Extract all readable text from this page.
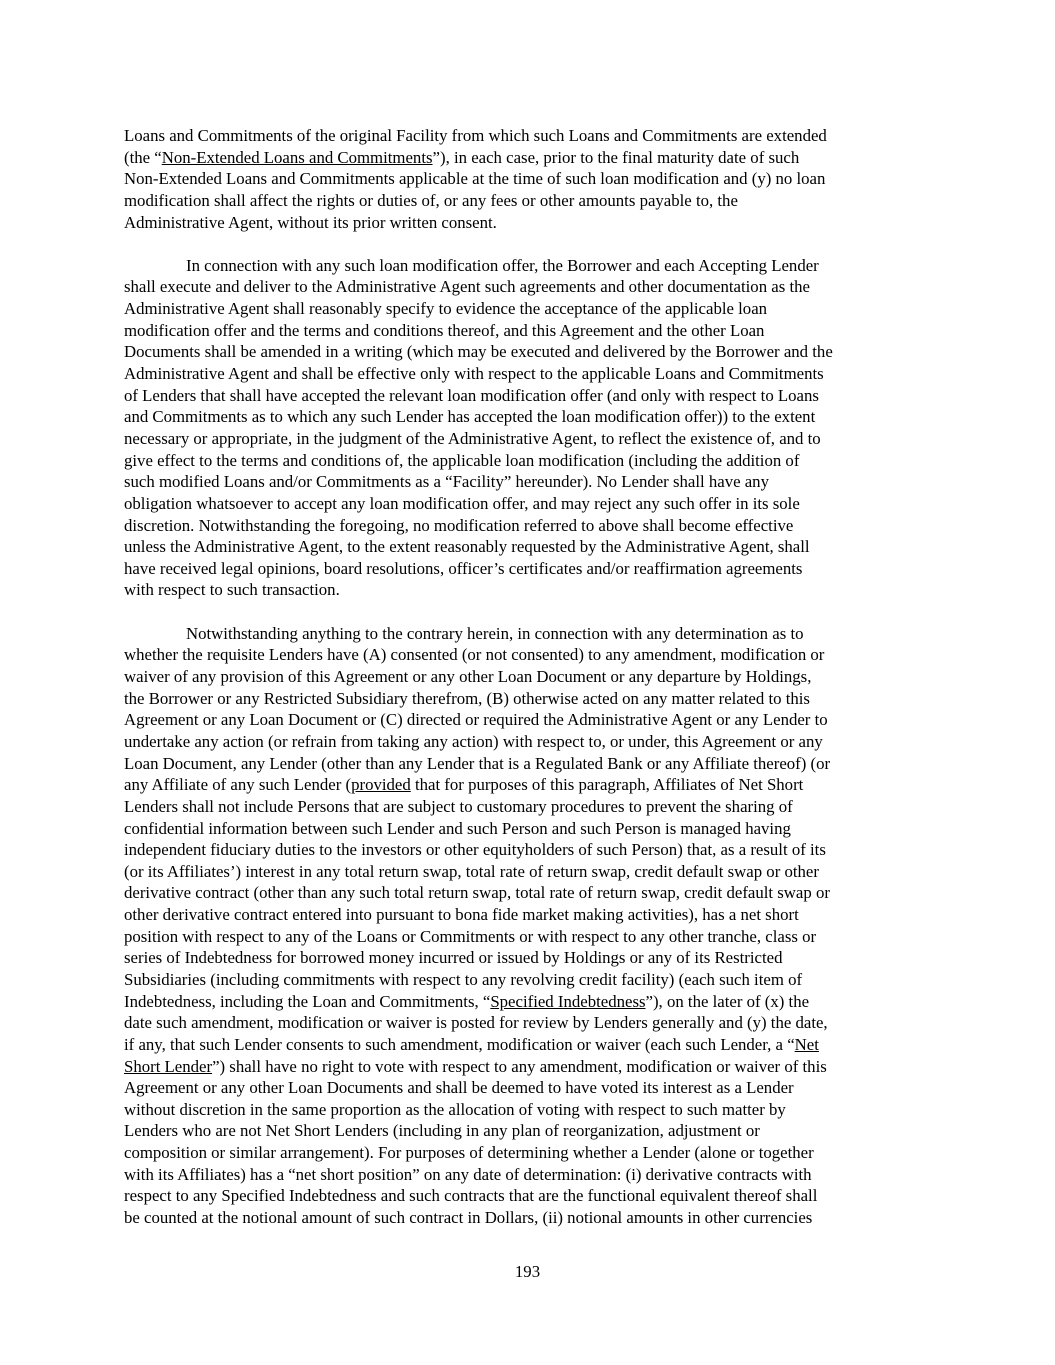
Loans and Commitments of the original Facility from which such Loans and Commitments are extended
(the “Non-Extended Loans and Commitments”), in each case, prior to the final maturity date of such
Non-Extended Loans and Commitments applicable at the time of such loan modification and (y) no loan
modification shall affect the rights or duties of, or any fees or other amounts payable to, the
Administrative Agent, without its prior written consent.
In connection with any such loan modification offer, the Borrower and each Accepting Lender
shall execute and deliver to the Administrative Agent such agreements and other documentation as the
Administrative Agent shall reasonably specify to evidence the acceptance of the applicable loan
modification offer and the terms and conditions thereof, and this Agreement and the other Loan
Documents shall be amended in a writing (which may be executed and delivered by the Borrower and the
Administrative Agent and shall be effective only with respect to the applicable Loans and Commitments
of Lenders that shall have accepted the relevant loan modification offer (and only with respect to Loans
and Commitments as to which any such Lender has accepted the loan modification offer)) to the extent
necessary or appropriate, in the judgment of the Administrative Agent, to reflect the existence of, and to
give effect to the terms and conditions of, the applicable loan modification (including the addition of
such modified Loans and/or Commitments as a “Facility” hereunder). No Lender shall have any
obligation whatsoever to accept any loan modification offer, and may reject any such offer in its sole
discretion. Notwithstanding the foregoing, no modification referred to above shall become effective
unless the Administrative Agent, to the extent reasonably requested by the Administrative Agent, shall
have received legal opinions, board resolutions, officer’s certificates and/or reaffirmation agreements
with respect to such transaction.
Notwithstanding anything to the contrary herein, in connection with any determination as to
whether the requisite Lenders have (A) consented (or not consented) to any amendment, modification or
waiver of any provision of this Agreement or any other Loan Document or any departure by Holdings,
the Borrower or any Restricted Subsidiary therefrom, (B) otherwise acted on any matter related to this
Agreement or any Loan Document or (C) directed or required the Administrative Agent or any Lender to
undertake any action (or refrain from taking any action) with respect to, or under, this Agreement or any
Loan Document, any Lender (other than any Lender that is a Regulated Bank or any Affiliate thereof) (or
any Affiliate of any such Lender (provided that for purposes of this paragraph, Affiliates of Net Short
Lenders shall not include Persons that are subject to customary procedures to prevent the sharing of
confidential information between such Lender and such Person and such Person is managed having
independent fiduciary duties to the investors or other equityholders of such Person) that, as a result of its
(or its Affiliates’) interest in any total return swap, total rate of return swap, credit default swap or other
derivative contract (other than any such total return swap, total rate of return swap, credit default swap or
other derivative contract entered into pursuant to bona fide market making activities), has a net short
position with respect to any of the Loans or Commitments or with respect to any other tranche, class or
series of Indebtedness for borrowed money incurred or issued by Holdings or any of its Restricted
Subsidiaries (including commitments with respect to any revolving credit facility) (each such item of
Indebtedness, including the Loan and Commitments, “Specified Indebtedness”), on the later of (x) the
date such amendment, modification or waiver is posted for review by Lenders generally and (y) the date,
if any, that such Lender consents to such amendment, modification or waiver (each such Lender, a “Net
Short Lender”) shall have no right to vote with respect to any amendment, modification or waiver of this
Agreement or any other Loan Documents and shall be deemed to have voted its interest as a Lender
without discretion in the same proportion as the allocation of voting with respect to such matter by
Lenders who are not Net Short Lenders (including in any plan of reorganization, adjustment or
composition or similar arrangement). For purposes of determining whether a Lender (alone or together
with its Affiliates) has a “net short position” on any date of determination: (i) derivative contracts with
respect to any Specified Indebtedness and such contracts that are the functional equivalent thereof shall
be counted at the notional amount of such contract in Dollars, (ii) notional amounts in other currencies
193
